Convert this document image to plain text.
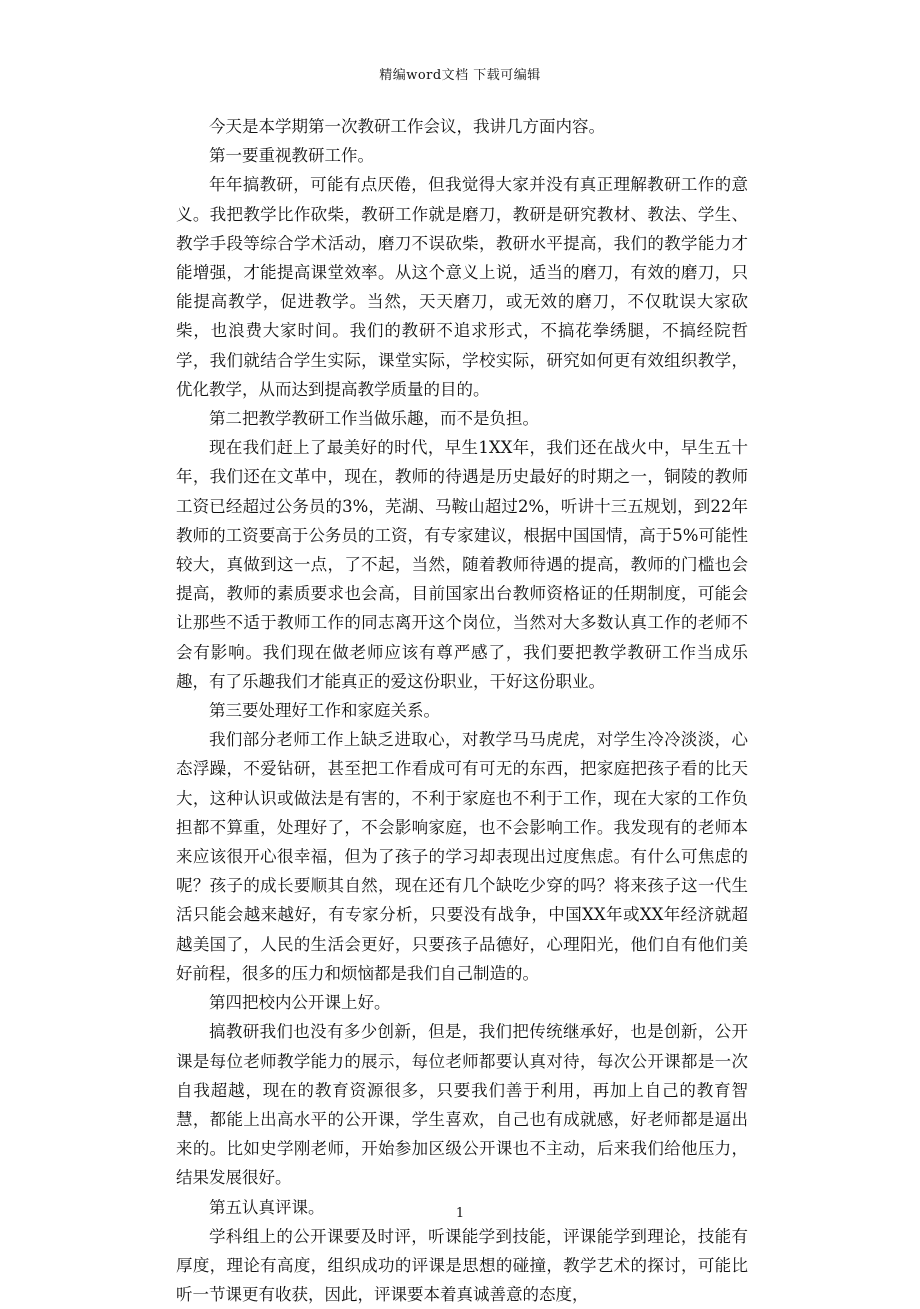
精编word文档 下载可编辑

今天是本学期第一次教研工作会议，我讲几方面内容。

第一要重视教研工作。

年年搞教研，可能有点厌倦，但我觉得大家并没有真正理解教研工作的意义。我把教学比作砍柴，教研工作就是磨刀，教研是研究教材、教法、学生、教学手段等综合学术活动，磨刀不误砍柴，教研水平提高，我们的教学能力才能增强，才能提高课堂效率。从这个意义上说，适当的磨刀，有效的磨刀，只能提高教学，促进教学。当然，天天磨刀，或无效的磨刀，不仅耽误大家砍柴，也浪费大家时间。我们的教研不追求形式，不搞花拳绣腿，不搞经院哲学，我们就结合学生实际，课堂实际，学校实际，研究如何更有效组织教学，优化教学，从而达到提高教学质量的目的。

第二把教学教研工作当做乐趣，而不是负担。

现在我们赶上了最美好的时代，早生1XX年，我们还在战火中，早生五十年，我们还在文革中，现在，教师的待遇是历史最好的时期之一，铜陵的教师工资已经超过公务员的3%，芜湖、马鞍山超过2%，听讲十三五规划，到22年教师的工资要高于公务员的工资，有专家建议，根据中国国情，高于5%可能性较大，真做到这一点，了不起，当然，随着教师待遇的提高，教师的门槛也会提高，教师的素质要求也会高，目前国家出台教师资格证的任期制度，可能会让那些不适于教师工作的同志离开这个岗位，当然对大多数认真工作的老师不会有影响。我们现在做老师应该有尊严感了，我们要把教学教研工作当成乐趣，有了乐趣我们才能真正的爱这份职业，干好这份职业。

第三要处理好工作和家庭关系。

我们部分老师工作上缺乏进取心，对教学马马虎虎，对学生冷冷淡淡，心态浮躁，不爱钻研，甚至把工作看成可有可无的东西，把家庭把孩子看的比天大，这种认识或做法是有害的，不利于家庭也不利于工作，现在大家的工作负担都不算重，处理好了，不会影响家庭，也不会影响工作。我发现有的老师本来应该很开心很幸福，但为了孩子的学习却表现出过度焦虑。有什么可焦虑的呢？孩子的成长要顺其自然，现在还有几个缺吃少穿的吗？将来孩子这一代生活只能会越来越好，有专家分析，只要没有战争，中国XX年或XX年经济就超越美国了，人民的生活会更好，只要孩子品德好，心理阳光，他们自有他们美好前程，很多的压力和烦恼都是我们自己制造的。

第四把校内公开课上好。

搞教研我们也没有多少创新，但是，我们把传统继承好，也是创新，公开课是每位老师教学能力的展示，每位老师都要认真对待，每次公开课都是一次自我超越，现在的教育资源很多，只要我们善于利用，再加上自己的教育智慧，都能上出高水平的公开课，学生喜欢，自己也有成就感，好老师都是逼出来的。比如史学刚老师，开始参加区级公开课也不主动，后来我们给他压力，结果发展很好。

第五认真评课。

学科组上的公开课要及时评，听课能学到技能，评课能学到理论，技能有厚度，理论有高度，组织成功的评课是思想的碰撞，教学艺术的探讨，可能比听一节课更有收获，因此，评课要本着真诚善意的态度，

1
